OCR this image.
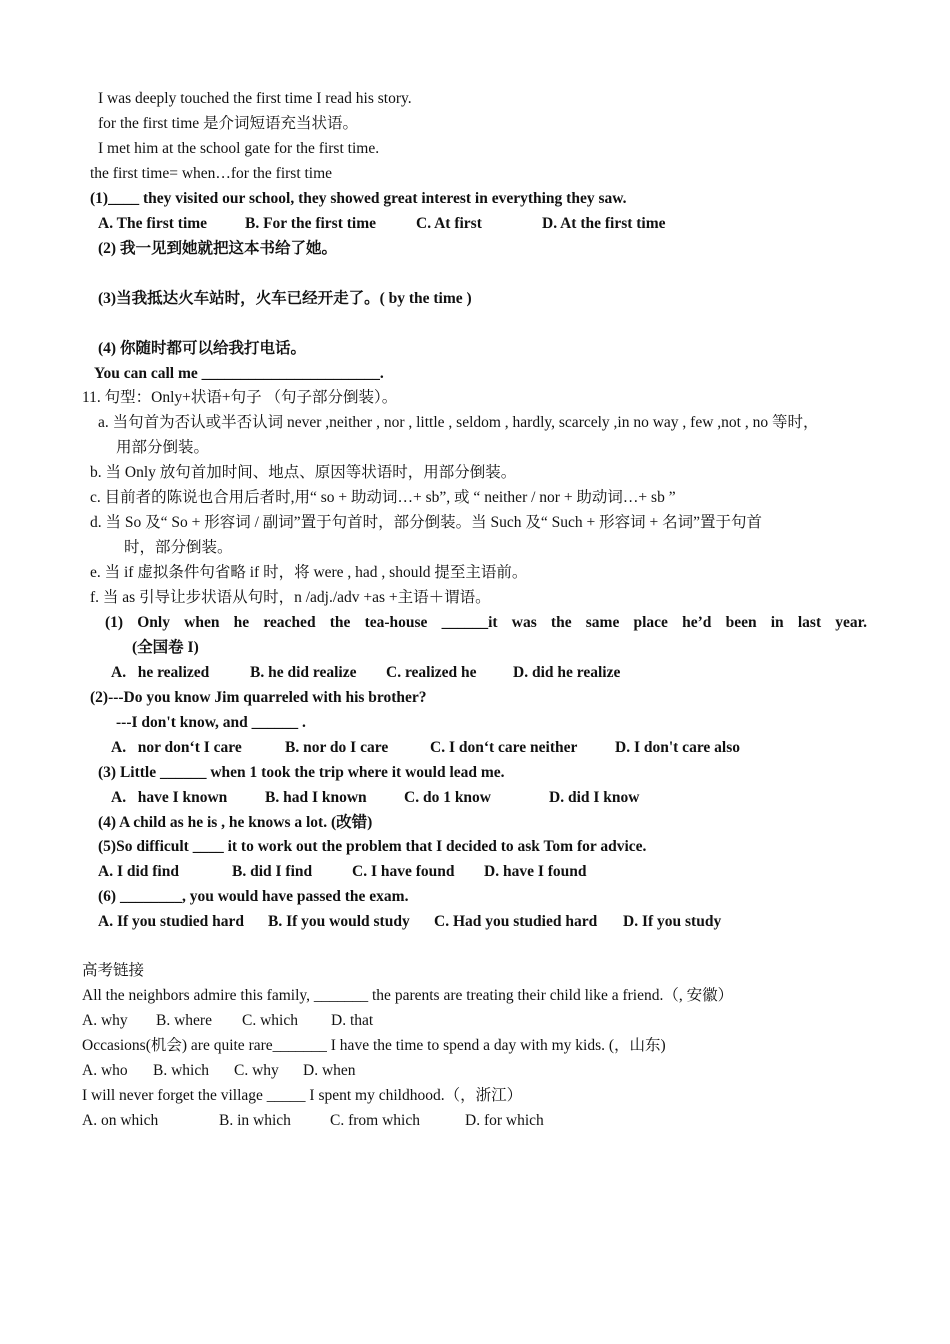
I was deeply touched the first time I read his story.
for the first time 是介词短语充当状语。
I met him at the school gate for the first time.
the first time= when…for the first time
(1)____ they visited our school, they showed great interest in everything they saw.
A. The first time B. For the first time	C. At first	D. At the first time
(2) 我一见到她就把这本书给了她。
(3)当我抵达火车站时，火车已经开走了。( by the time )
(4) 你随时都可以给我打电话。
You can call me _______________________.
11. 句型：Only+状语+句子 （句子部分倒装）。
a. 当句首为否认或半否认词 never ,neither , nor , little , seldom , hardly, scarcely ,in no way , few ,not , no 等时，
用部分倒装。
b. 当 Only 放句首加时间、地点、原因等状语时，用部分倒装。
c. 目前者的陈说也合用后者时,用“ so + 助动词…+ sb”, 或 “ neither / nor + 助动词…+ sb ”
d. 当 So 及“ So + 形容词 / 副词”置于句首时，部分倒装。当 Such 及“ Such + 形容词 + 名词”置于句首
时，部分倒装。
e. 当 if 虚拟条件句省略 if 时，将 were , had , should 提至主语前。
f. 当 as 引导让步状语从句时，n /adj./adv +as +主语＋谓语。
(1) Only when he reached the tea-house ______it was the same place he’d been in last year.
(全国卷 I)
A.   he realized	B. he did realize C. realized he D. did he realize
(2)---Do you know Jim quarreled with his brother?
---I don't know, and ______ .
A.   nor don‘t I care	B. nor do I care	C. I don‘t care neither D. I don't care also
(3) Little ______ when 1 took the trip where it would lead me.
A.   have I known B. had I known C. do 1 know	D. did I know
(4) A child as he is , he knows a lot. (改错)
(5)So difficult ____ it to work out the problem that I decided to ask Tom for advice.
A. I did find	B. did I find	C. I have found D. have I found
(6) ________, you would have passed the exam.
A. If you studied hard B. If you would study C. Had you studied hard D. If you study
高考链接
All the neighbors admire this family, _______ the parents are treating their child like a friend.（, 安徽）
A. why B. where C. which D. that
Occasions(机会) are quite rare_______ I have the time to spend a day with my kids. (，山东)
A. who B. which C. why D. when
I will never forget the village _____ I spent my childhood.（，浙江）
A. on which	B. in which	C. from which	D. for which
